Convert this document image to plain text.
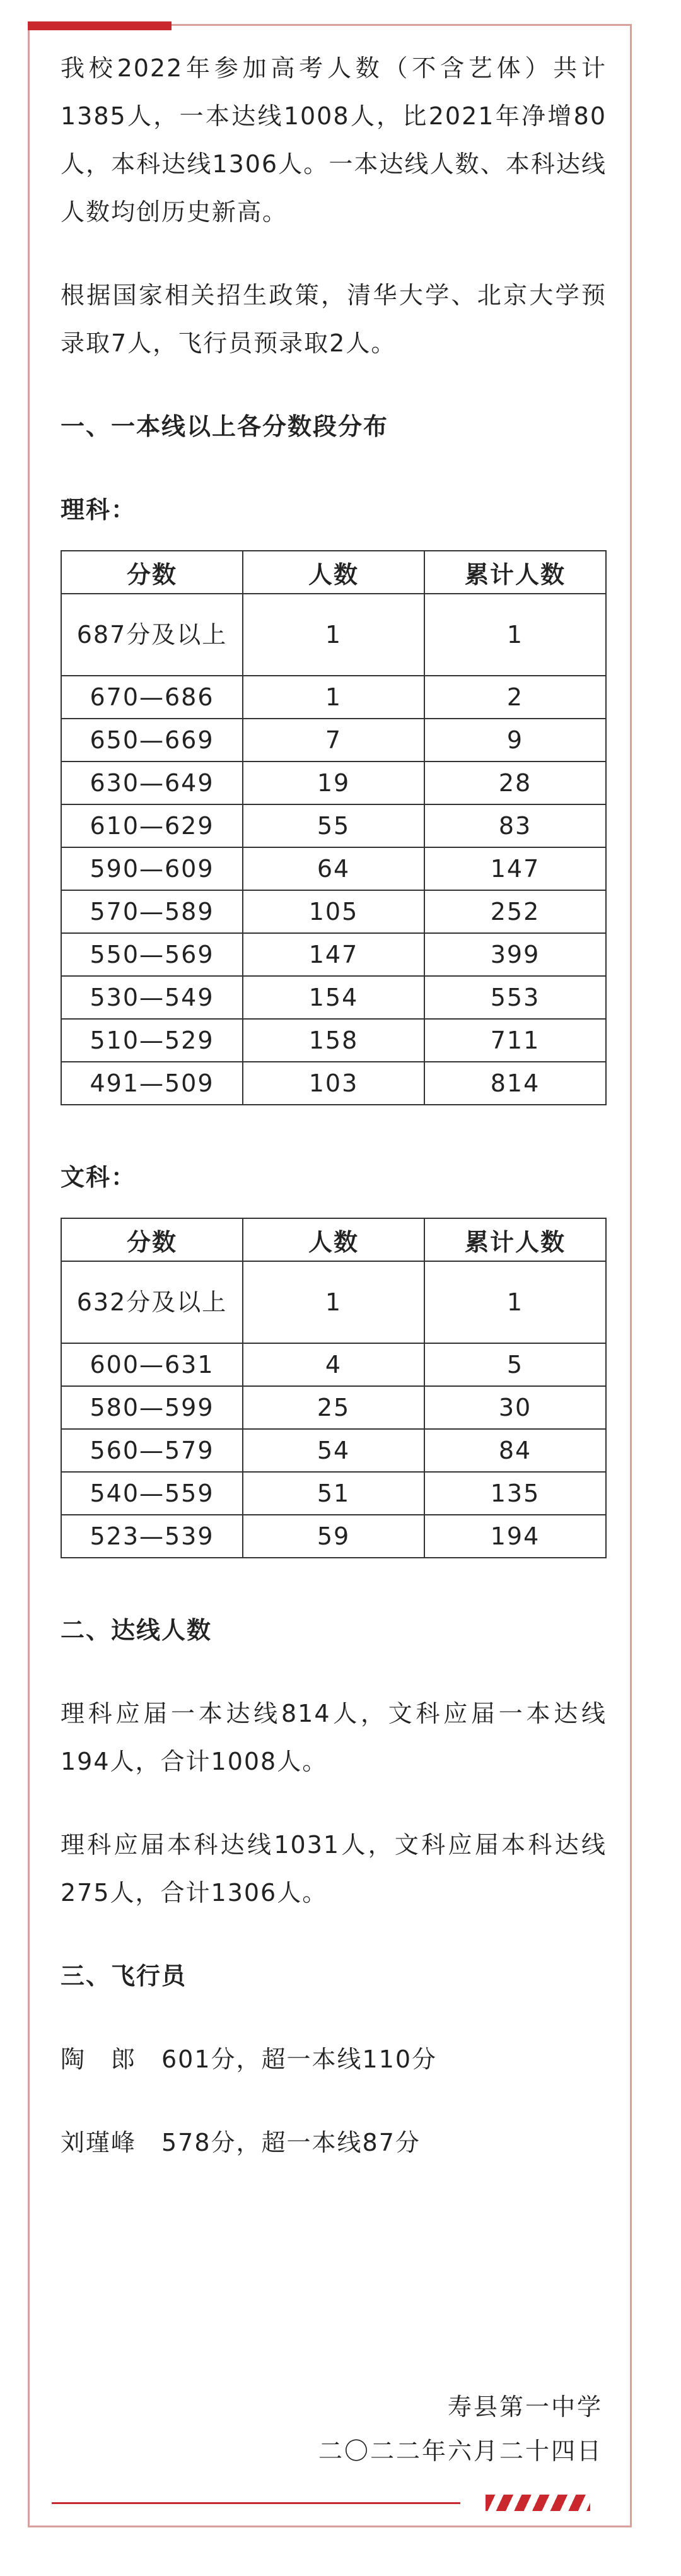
我校2022年参加高考人数（不含艺体）共计1385人，一本达线1008人，比2021年净增80人，本科达线1306人。一本达线人数、本科达线人数均创历史新高。

根据国家相关招生政策，清华大学、北京大学预录取7人，飞行员预录取2人。

一、一本线以上各分数段分布

理科：

分数	人数	累计人数
687分及以上	1	1
670—686	1	2
650—669	7	9
630—649	19	28
610—629	55	83
590—609	64	147
570—589	105	252
550—569	147	399
530—549	154	553
510—529	158	711
491—509	103	814

文科：

分数	人数	累计人数
632分及以上	1	1
600—631	4	5
580—599	25	30
560—579	54	84
540—559	51	135
523—539	59	194

二、达线人数

理科应届一本达线814人，文科应届一本达线194人，合计1008人。

理科应届本科达线1031人，文科应届本科达线275人，合计1306人。

三、飞行员

陶　郎　601分，超一本线110分

刘瑾峰　578分，超一本线87分

寿县第一中学
二〇二二年六月二十四日
